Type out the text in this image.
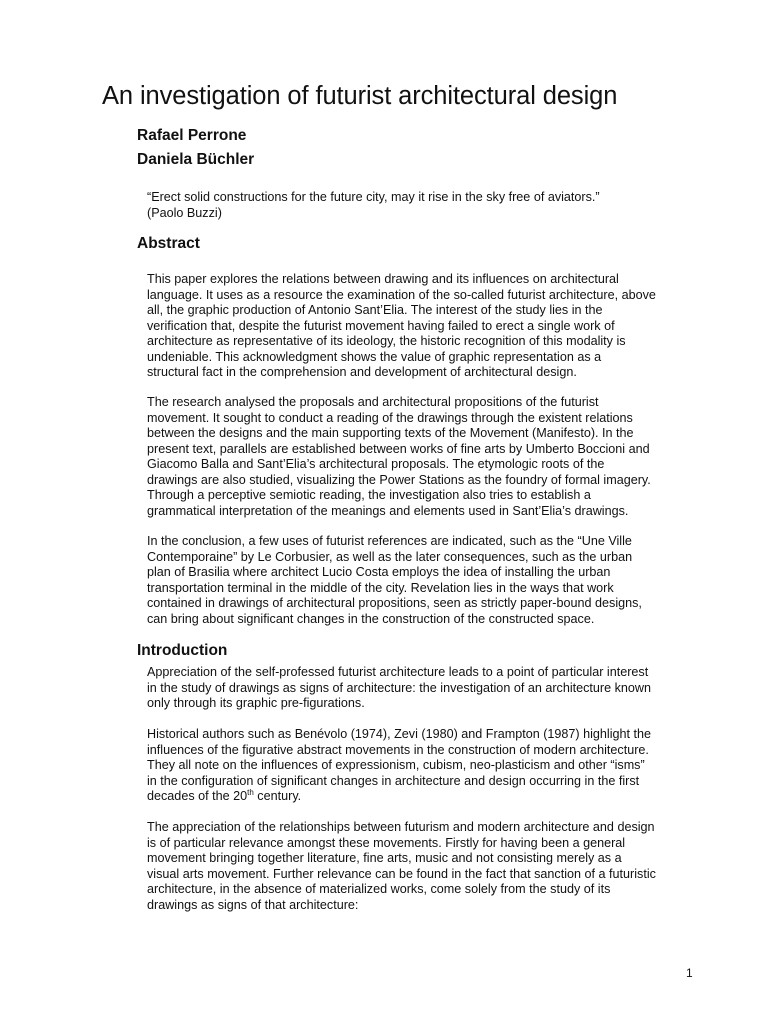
An investigation of futurist architectural design

Rafael Perrone

Daniela Büchler

“Erect solid constructions for the future city, may it rise in the sky free of aviators.”
(Paolo Buzzi)
Abstract
This paper explores the relations between drawing and its influences on architectural
language. It uses as a resource the examination of the so-called futurist architecture, above
all, the graphic production of Antonio Sant’Elia. The interest of the study lies in the
verification that, despite the futurist movement having failed to erect a single work of
architecture as representative of its ideology, the historic recognition of this modality is
undeniable. This acknowledgment shows the value of graphic representation as a
structural fact in the comprehension and development of architectural design.
The research analysed the proposals and architectural propositions of the futurist
movement. It sought to conduct a reading of the drawings through the existent relations
between the designs and the main supporting texts of the Movement (Manifesto). In the
present text, parallels are established between works of fine arts by Umberto Boccioni and
Giacomo Balla and Sant’Elia’s architectural proposals. The etymologic roots of the
drawings are also studied, visualizing the Power Stations as the foundry of formal imagery.
Through a perceptive semiotic reading, the investigation also tries to establish a
grammatical interpretation of the meanings and elements used in Sant’Elia’s drawings.
In the conclusion, a few uses of futurist references are indicated, such as the “Une Ville
Contemporaine” by Le Corbusier, as well as the later consequences, such as the urban
plan of Brasilia where architect Lucio Costa employs the idea of installing the urban
transportation terminal in the middle of the city. Revelation lies in the ways that work
contained in drawings of architectural propositions, seen as strictly paper-bound designs,
can bring about significant changes in the construction of the constructed space.
Introduction
Appreciation of the self-professed futurist architecture leads to a point of particular interest
in the study of drawings as signs of architecture: the investigation of an architecture known
only through its graphic pre-figurations.
Historical authors such as Benévolo (1974), Zevi (1980) and Frampton (1987) highlight the
influences of the figurative abstract movements in the construction of modern architecture.
They all note on the influences of expressionism, cubism, neo-plasticism and other “isms”
in the configuration of significant changes in architecture and design occurring in the first
decades of the 20th century.
The appreciation of the relationships between futurism and modern architecture and design
is of particular relevance amongst these movements. Firstly for having been a general
movement bringing together literature, fine arts, music and not consisting merely as a
visual arts movement. Further relevance can be found in the fact that sanction of a futuristic
architecture, in the absence of materialized works, come solely from the study of its
drawings as signs of that architecture:

1
